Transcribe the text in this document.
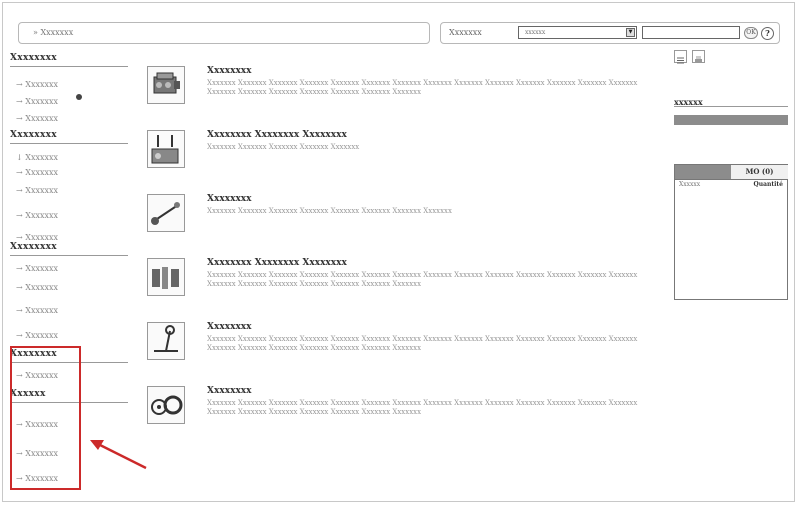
» Xxxxxxx	Xxxxxxx	xxxxxx	▼	OK	?
Xxxxxxxx
→ Xxxxxxx
→ Xxxxxxx
→ Xxxxxxx
Xxxxxxxx
↓ Xxxxxxx
→ Xxxxxxx
→ Xxxxxxx
→ Xxxxxxx
→ Xxxxxxx
Xxxxxxxx
→ Xxxxxxx
→ Xxxxxxx
→ Xxxxxxx
→ Xxxxxxx
Xxxxxxxx
→ Xxxxxxx
Xxxxxx
→ Xxxxxxx
→ Xxxxxxx
→ Xxxxxxx
Xxxxxxxx
Xxxxxxx Xxxxxxx Xxxxxxx Xxxxxxx Xxxxxxx Xxxxxxx Xxxxxxx Xxxxxxx Xxxxxxx Xxxxxxx Xxxxxxx Xxxxxxx Xxxxxxx Xxxxxxx Xxxxxxx Xxxxxxx Xxxxxxx Xxxxxxx Xxxxxxx Xxxxxxx Xxxxxxx
Xxxxxxxx Xxxxxxxx Xxxxxxxx
Xxxxxxx Xxxxxxx Xxxxxxx Xxxxxxx Xxxxxxx
Xxxxxxxx
Xxxxxxx Xxxxxxx Xxxxxxx Xxxxxxx Xxxxxxx Xxxxxxx Xxxxxxx Xxxxxxx
Xxxxxxxx Xxxxxxxx Xxxxxxxx
Xxxxxxx Xxxxxxx Xxxxxxx Xxxxxxx Xxxxxxx Xxxxxxx Xxxxxxx Xxxxxxx Xxxxxxx Xxxxxxx Xxxxxxx Xxxxxxx Xxxxxxx Xxxxxxx Xxxxxxx Xxxxxxx Xxxxxxx Xxxxxxx Xxxxxxx Xxxxxxx Xxxxxxx
Xxxxxxxx
Xxxxxxx Xxxxxxx Xxxxxxx Xxxxxxx Xxxxxxx Xxxxxxx Xxxxxxx Xxxxxxx Xxxxxxx Xxxxxxx Xxxxxxx Xxxxxxx Xxxxxxx Xxxxxxx Xxxxxxx Xxxxxxx Xxxxxxx Xxxxxxx Xxxxxxx Xxxxxxx Xxxxxxx
Xxxxxxxx
Xxxxxxx Xxxxxxx Xxxxxxx Xxxxxxx Xxxxxxx Xxxxxxx Xxxxxxx Xxxxxxx Xxxxxxx Xxxxxxx Xxxxxxx Xxxxxxx Xxxxxxx Xxxxxxx Xxxxxxx Xxxxxxx Xxxxxxx Xxxxxxx Xxxxxxx Xxxxxxx Xxxxxxx
xxxxxx
MO (0)
Xxxxxx	Quantité
